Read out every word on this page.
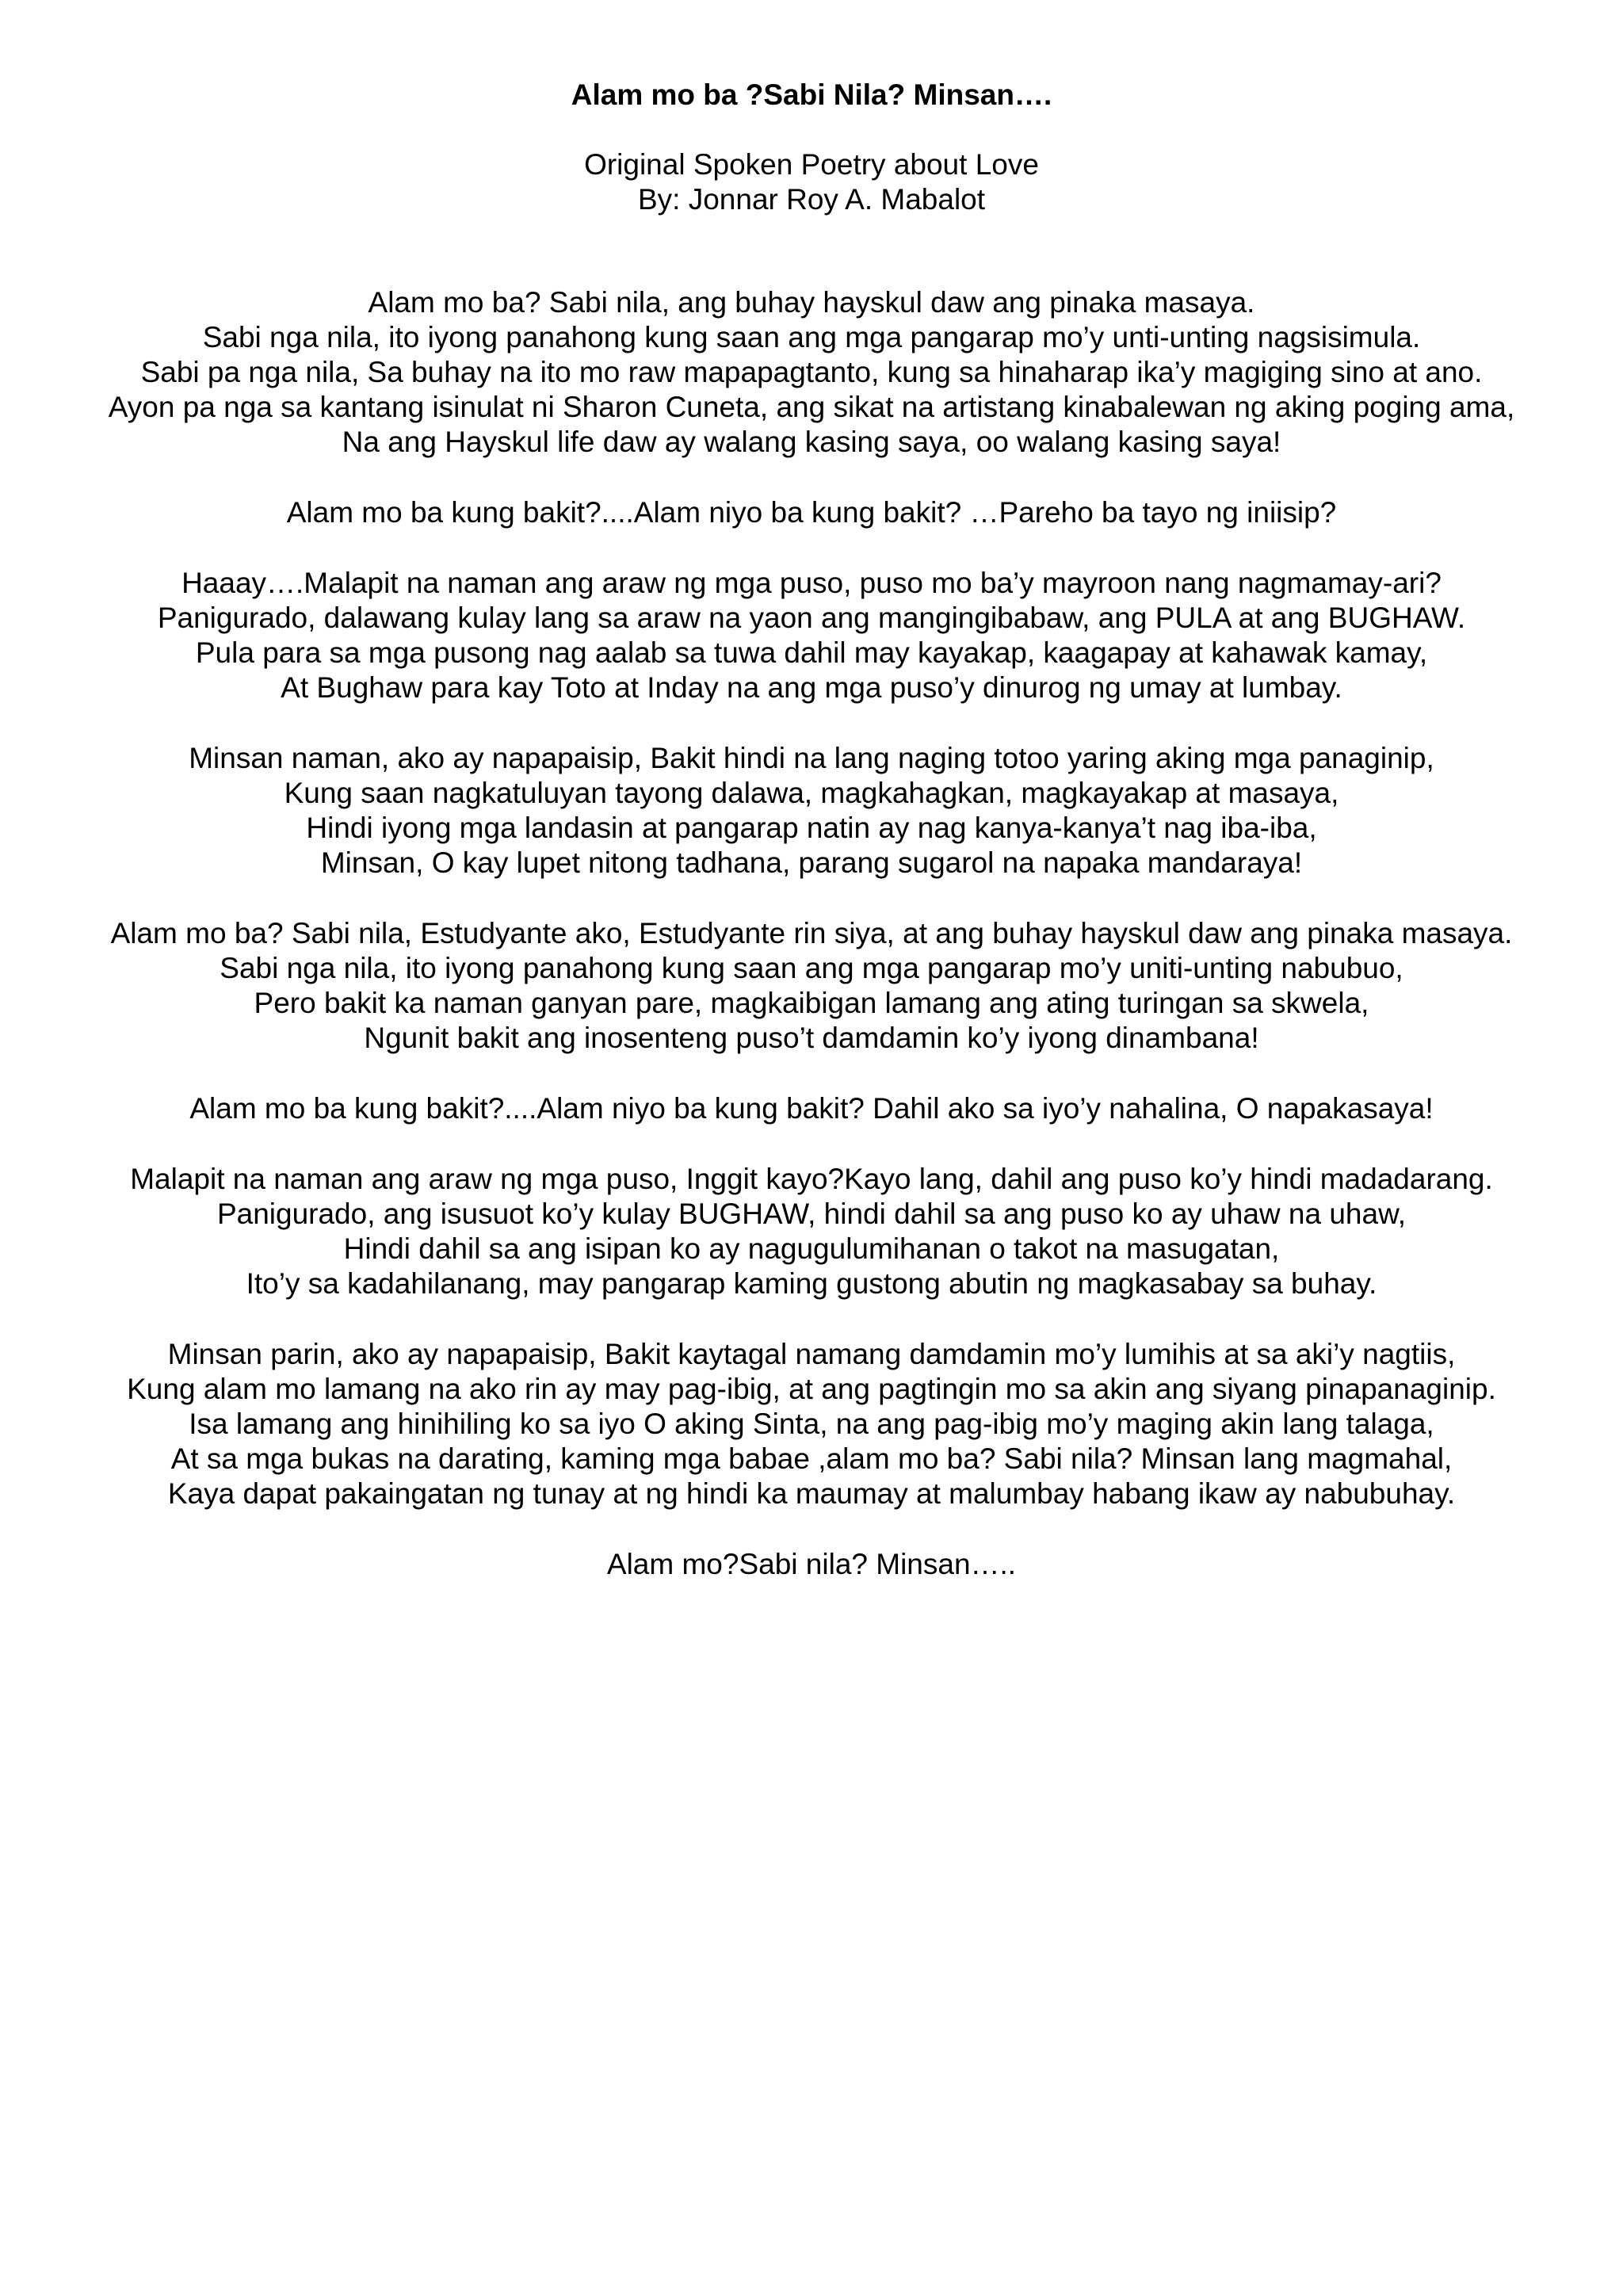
Alam mo ba ?Sabi Nila? Minsan….

Original Spoken Poetry about Love
By: Jonnar Roy A. Mabalot
Alam mo ba? Sabi nila, ang buhay hayskul daw ang pinaka masaya.
Sabi nga nila, ito iyong panahong kung saan ang mga pangarap mo’y unti-unting nagsisimula.
Sabi pa nga nila, Sa buhay na ito mo raw mapapagtanto, kung sa hinaharap ika’y magiging sino at ano.
Ayon pa nga sa kantang isinulat ni Sharon Cuneta, ang sikat na artistang kinabalewan ng aking poging ama,
Na ang Hayskul life daw ay walang kasing saya, oo walang kasing saya!
Alam mo ba kung bakit?....Alam niyo ba kung bakit? …Pareho ba tayo ng iniisip?
Haaay….Malapit na naman ang araw ng mga puso, puso mo ba’y mayroon nang nagmamay-ari?
Panigurado, dalawang kulay lang sa araw na yaon ang mangingibabaw, ang PULA at ang BUGHAW.
Pula para sa mga pusong nag aalab sa tuwa dahil may kayakap, kaagapay at kahawak kamay,
At Bughaw para kay Toto at Inday na ang mga puso’y dinurog ng umay at lumbay.
Minsan naman, ako ay napapaisip, Bakit hindi na lang naging totoo yaring aking mga panaginip,
Kung saan nagkatuluyan tayong dalawa, magkahagkan, magkayakap at masaya,
Hindi iyong mga landasin at pangarap natin ay nag kanya-kanya’t nag iba-iba,
Minsan, O kay lupet nitong tadhana, parang sugarol na napaka mandaraya!
Alam mo ba? Sabi nila, Estudyante ako, Estudyante rin siya, at ang buhay hayskul daw ang pinaka masaya.
Sabi nga nila, ito iyong panahong kung saan ang mga pangarap mo’y uniti-unting nabubuo,
Pero bakit ka naman ganyan pare, magkaibigan lamang ang ating turingan sa skwela,
Ngunit bakit ang inosenteng puso’t damdamin ko’y iyong dinambana!
Alam mo ba kung bakit?....Alam niyo ba kung bakit? Dahil ako sa iyo’y nahalina, O napakasaya!
Malapit na naman ang araw ng mga puso, Inggit kayo?Kayo lang, dahil ang puso ko’y hindi madadarang.
Panigurado, ang isusuot ko’y kulay BUGHAW, hindi dahil sa ang puso ko ay uhaw na uhaw,
Hindi dahil sa ang isipan ko ay nagugulumihanan o takot na masugatan,
Ito’y sa kadahilanang, may pangarap kaming gustong abutin ng magkasabay sa buhay.
Minsan parin, ako ay napapaisip, Bakit kaytagal namang damdamin mo’y lumihis at sa aki’y nagtiis,
Kung alam mo lamang na ako rin ay may pag-ibig, at ang pagtingin mo sa akin ang siyang pinapanaginip.
Isa lamang ang hinihiling ko sa iyo O aking Sinta, na ang pag-ibig mo’y maging akin lang talaga,
At sa mga bukas na darating, kaming mga babae ,alam mo ba? Sabi nila? Minsan lang magmahal,
Kaya dapat pakaingatan ng tunay at ng hindi ka maumay at malumbay habang ikaw ay nabubuhay.
Alam mo?Sabi nila? Minsan…..
